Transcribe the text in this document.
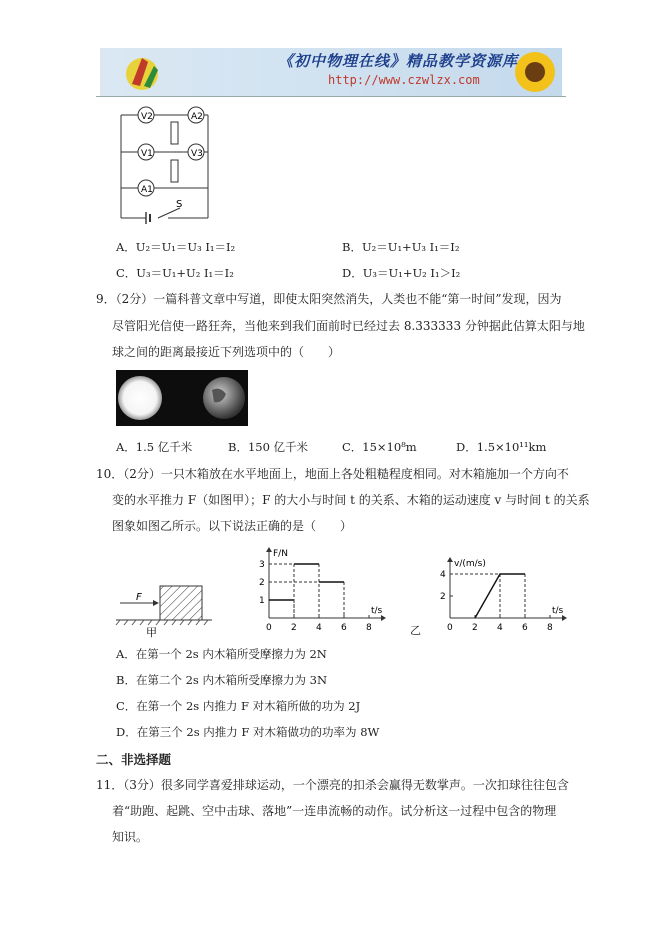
《初中物理在线》精品教学资源库
http://www.czwlzx.com
V2	A2
V1	V3
A1
S
A．U₂＝U₁＝U₃ I₁＝I₂	B．U₂＝U₁+U₃ I₁＝I₂
C．U₃＝U₁+U₂ I₁＝I₂	D．U₃＝U₁+U₂ I₁＞I₂
9．（2分）一篇科普文章中写道，即使太阳突然消失，人类也不能“第一时间”发现，因为
尽管阳光信使一路狂奔，当他来到我们面前时已经过去 8.333333 分钟据此估算太阳与地
球之间的距离最接近下列选项中的（　　）
A．1.5 亿千米	B．150 亿千米	C．15×10⁸m	D．1.5×10¹¹km
10．（2分）一只木箱放在水平地面上，地面上各处粗糙程度相同。对木箱施加一个方向不
变的水平推力 F（如图甲）；F 的大小与时间 t 的关系、木箱的运动速度 v 与时间 t 的关系
图象如图乙所示。以下说法正确的是（　　）
F
甲
F/N
t/s
0 2 4 6 8
1
2
3	v/(m/s)
t/s
0 2 4 6 8
2
4
乙
A．在第一个 2s 内木箱所受摩擦力为 2N
B．在第二个 2s 内木箱所受摩擦力为 3N
C．在第一个 2s 内推力 F 对木箱所做的功为 2J
D．在第三个 2s 内推力 F 对木箱做功的功率为 8W
二、非选择题
11．（3分）很多同学喜爱排球运动，一个漂亮的扣杀会赢得无数掌声。一次扣球往往包含
着“助跑、起跳、空中击球、落地”一连串流畅的动作。试分析这一过程中包含的物理
知识。
